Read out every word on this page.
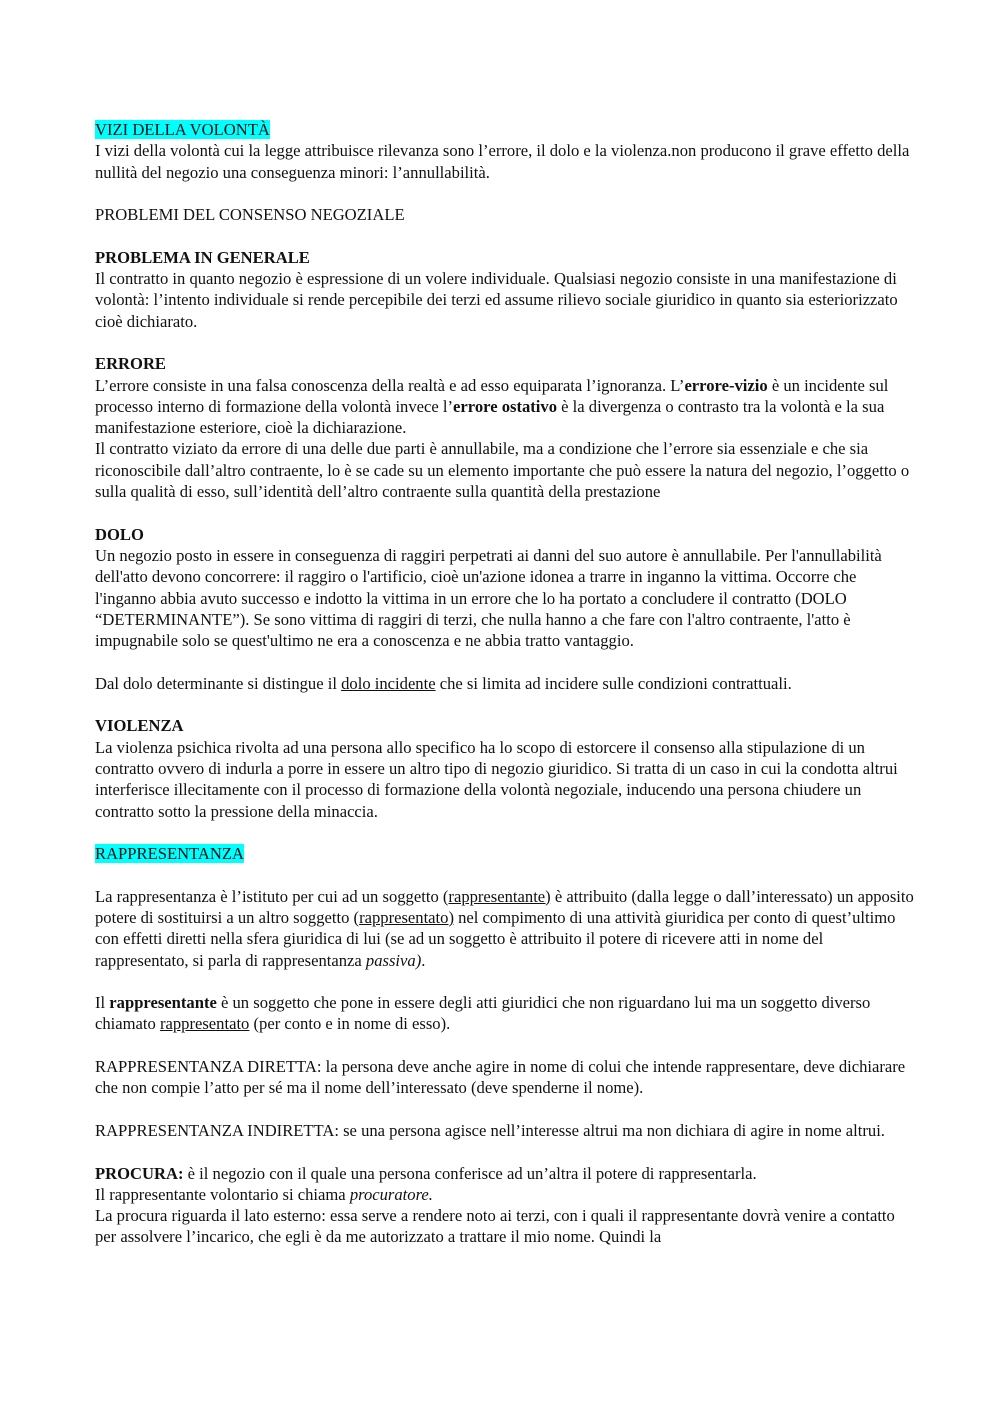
VIZI DELLA VOLONTÀ

I vizi della volontà cui la legge attribuisce rilevanza sono l’errore, il dolo e la violenza.non producono il grave effetto della nullità del negozio una conseguenza minori: l’annullabilità.

PROBLEMI DEL CONSENSO NEGOZIALE

PROBLEMA IN GENERALE

Il contratto in quanto negozio è espressione di un volere individuale. Qualsiasi negozio consiste in una manifestazione di volontà: l’intento individuale si rende percepibile dei terzi ed assume rilievo sociale giuridico in quanto sia esteriorizzato cioè dichiarato.

ERRORE

L’errore consiste in una falsa conoscenza della realtà e ad esso equiparata l’ignoranza. L’errore-vizio è un incidente sul processo interno di formazione della volontà invece l’errore ostativo è la divergenza o contrasto tra la volontà e la sua manifestazione esteriore, cioè la dichiarazione.

Il contratto viziato da errore di una delle due parti è annullabile, ma a condizione che l’errore sia essenziale e che sia riconoscibile dall’altro contraente, lo è se cade su un elemento importante che può essere la natura del negozio, l’oggetto o sulla qualità di esso, sull’identità dell’altro contraente sulla quantità della prestazione

DOLO

Un negozio posto in essere in conseguenza di raggiri perpetrati ai danni del suo autore è annullabile. Per l'annullabilità dell'atto devono concorrere: il raggiro o l'artificio, cioè un'azione idonea a trarre in inganno la vittima. Occorre che l'inganno abbia avuto successo e indotto la vittima in un errore che lo ha portato a concludere il contratto (DOLO “DETERMINANTE”). Se sono vittima di raggiri di terzi, che nulla hanno a che fare con l'altro contraente, l'atto è impugnabile solo se quest'ultimo ne era a conoscenza e ne abbia tratto vantaggio.

Dal dolo determinante si distingue il dolo incidente che si limita ad incidere sulle condizioni contrattuali.

VIOLENZA

La violenza psichica rivolta ad una persona allo specifico ha lo scopo di estorcere il consenso alla stipulazione di un contratto ovvero di indurla a porre in essere un altro tipo di negozio giuridico. Si tratta di un caso in cui la condotta altrui interferisce illecitamente con il processo di formazione della volontà negoziale, inducendo una persona chiudere un contratto sotto la pressione della minaccia.

RAPPRESENTANZA

La rappresentanza è l’istituto per cui ad un soggetto (rappresentante) è attribuito (dalla legge o dall’interessato) un apposito potere di sostituirsi a un altro soggetto (rappresentato) nel compimento di una attività giuridica per conto di quest’ultimo con effetti diretti nella sfera giuridica di lui (se ad un soggetto è attribuito il potere di ricevere atti in nome del rappresentato, si parla di rappresentanza passiva).

Il rappresentante è un soggetto che pone in essere degli atti giuridici che non riguardano lui ma un soggetto diverso chiamato rappresentato (per conto e in nome di esso).

RAPPRESENTANZA DIRETTA: la persona deve anche agire in nome di colui che intende rappresentare, deve dichiarare che non compie l’atto per sé ma il nome dell’interessato (deve spenderne il nome).

RAPPRESENTANZA INDIRETTA: se una persona agisce nell’interesse altrui ma non dichiara di agire in nome altrui.

PROCURA: è il negozio con il quale una persona conferisce ad un’altra il potere di rappresentarla.

Il rappresentante volontario si chiama procuratore.

La procura riguarda il lato esterno: essa serve a rendere noto ai terzi, con i quali il rappresentante dovrà venire a contatto per assolvere l’incarico, che egli è da me autorizzato a trattare il mio nome. Quindi la
